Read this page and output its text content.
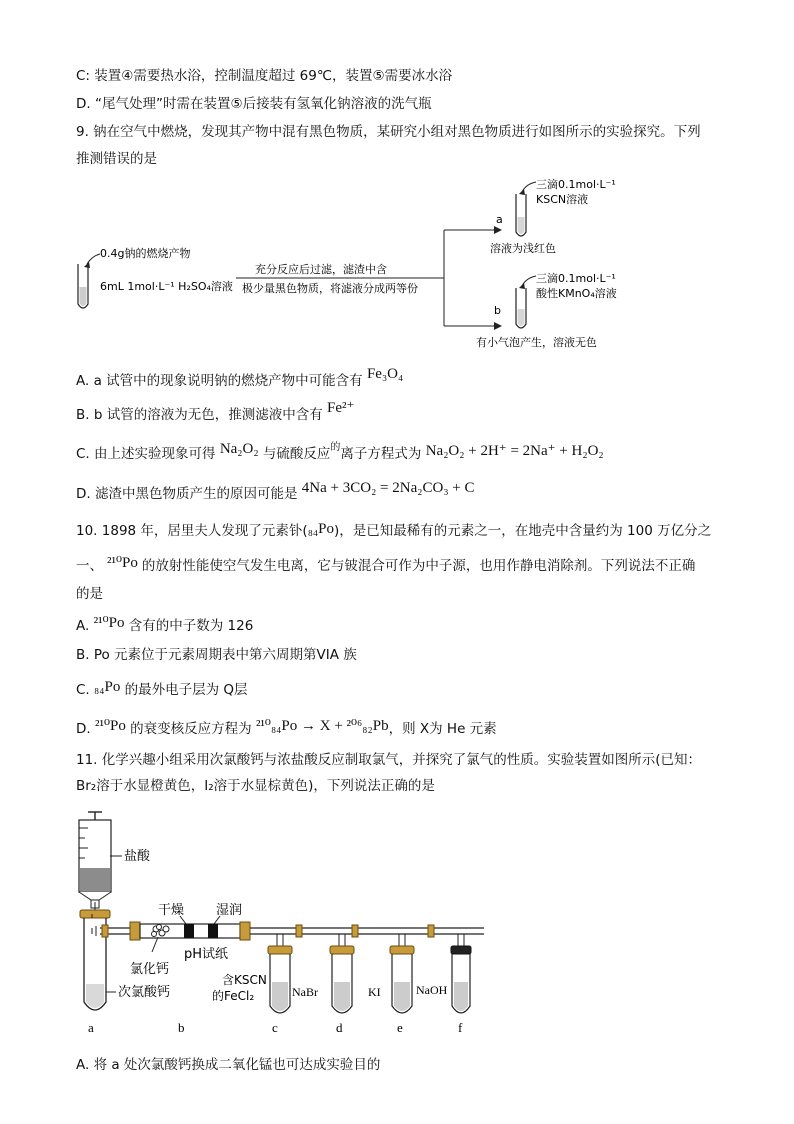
C: 装置④需要热水浴，控制温度超过 69℃，装置⑤需要冰水浴
D. “尾气处理”时需在装置⑤后接装有氢氧化钠溶液的洗气瓶
9. 钠在空气中燃烧，发现其产物中混有黑色物质，某研究小组对黑色物质进行如图所示的实验探究。下列
推测错误的是
0.4g钠的燃烧产物
6mL 1mol·L⁻¹ H₂SO₄溶液
充分反应后过滤，滤渣中含
极少量黑色物质，将滤液分成两等份
三滴0.1mol·L⁻¹
KSCN溶液
a
溶液为浅红色
三滴0.1mol·L⁻¹
酸性KMnO₄溶液
b
有小气泡产生，溶液无色
A. a 试管中的现象说明钠的燃烧产物中可能含有 Fe₃O₄
B. b 试管的溶液为无色，推测滤液中含有 Fe²⁺
C. 由上述实验现象可得 Na₂O₂ 与硫酸反应$^的$离子方程式为 Na₂O₂ + 2H⁺ = 2Na⁺ + H₂O₂
D. 滤渣中黑色物质产生的原因可能是 4Na + 3CO₂ = 2Na₂CO₃ + C
10. 1898 年，居里夫人发现了元素钋(₈₄Po)，是已知最稀有的元素之一，在地壳中含量约为 100 万亿分之
一、 ²¹⁰Po 的放射性能使空气发生电离，它与铍混合可作为中子源，也用作静电消除剂。下列说法不正确
的是
A. ²¹⁰Po 含有的中子数为 126
B. Po 元素位于元素周期表中第六周期第VIA 族
C. ₈₄Po 的最外电子层为 Q层
D. ²¹⁰Po 的衰变核反应方程为 ²¹⁰₈₄Po → X + ²⁰⁶₈₂Pb，则 X为 He 元素
11. 化学兴趣小组采用次氯酸钙与浓盐酸反应制取氯气，并探究了氯气的性质。实验装置如图所示(已知：
Br₂溶于水显橙黄色，I₂溶于水显棕黄色)，下列说法正确的是
盐酸
次氯酸钙
a
干燥 湿润
pH试纸
氯化钙
b	c	d	e	f
含KSCN
的FeCl₂	NaBr	KI	NaOH
A. 将 a 处次氯酸钙换成二氧化锰也可达成实验目的
